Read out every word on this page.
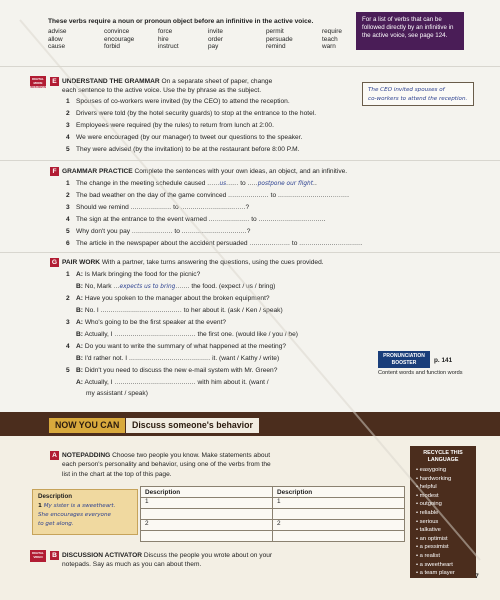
These verbs require a noun or pronoun object before an infinitive in the active voice.
advise	convince	force	invite	permit	require
allow	encourage	hire	order	persuade	teach
cause	forbid	instruct	pay	remind	warn
For a list of verbs that can be followed directly by an infinitive in the active voice, see page 124.
DIGITAL MORE EXERCISES
E UNDERSTAND THE GRAMMAR On a separate sheet of paper, change
each sentence to the active voice. Use the by phrase as the subject.	The CEO invited spouses of
co-workers to attend the reception.
1 Spouses of co-workers were invited (by the CEO) to attend the reception.
2 Drivers were told (by the hotel security guards) to stop at the entrance to the hotel.
3 Employees were required (by the rules) to return from lunch at 2:00.
4 We were encouraged (by our manager) to tweet our questions to the speaker.
5 They were advised (by the invitation) to be at the restaurant before 8:00 P.M.
F GRAMMAR PRACTICE Complete the sentences with your own ideas, an object, and an infinitive.
1 The change in the meeting schedule caused ......us...... to .....postpone our flight..
2 The bad weather on the day of the game convinced .................... to ...................................
3 Should we remind .................... to ................................?
4 The sign at the entrance to the event warned .................... to .................................
5 Why don't you pay .................... to ................................?
6 The article in the newspaper about the accident persuaded .................... to ...............................
G PAIR WORK With a partner, take turns answering the questions, using the cues provided.
1 A: Is Mark bringing the food for the picnic?
B: No, Mark ...expects us to bring....... the food. (expect / us / bring)
2 A: Have you spoken to the manager about the broken equipment?
B: No. I ........................................ to her about it. (ask / Ken / speak)
3 A: Who's going to be the first speaker at the event?
B: Actually, I ........................................ the first one. (would like / you / be)
4 A: Do you want to write the summary of what happened at the meeting?
B: I'd rather not. I ........................................ it. (want / Kathy / write)
5 B: Didn't you need to discuss the new e-mail system with Mr. Green?
A: Actually, I ........................................ with him about it. (want /
my assistant / speak)
PRONUNCIATION BOOSTER	p. 141
Content words and function words
NOW YOU CAN	Discuss someone's behavior
A NOTEPADDING Choose two people you know. Make statements about
each person's personality and behavior, using one of the verbs from the
list in the chart at the top of this page.
Description	Description
1	1

2	2

Description
1 My sister is a sweetheart.
She encourages everyone
to get along.
DIGITAL VIDEO	B DISCUSSION ACTIVATOR Discuss the people you wrote about on your
notepads. Say as much as you can about them.
RECYCLE THIS LANGUAGE
• easygoing
• hardworking
• helpful
• modest
• outgoing
• reliable
• serious
• talkative
• an optimist
• a pessimist
• a realist
• a sweetheart
• a team player	7
